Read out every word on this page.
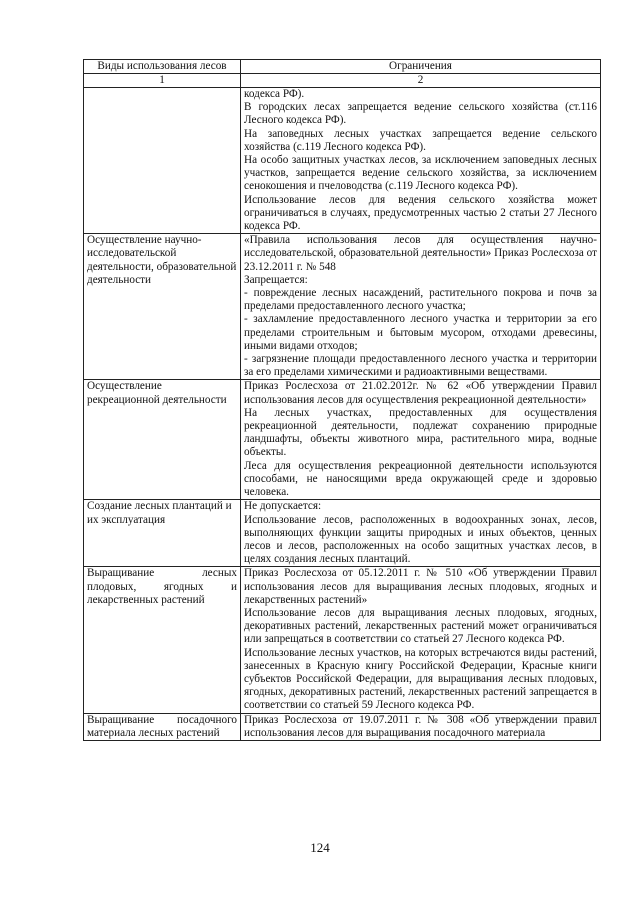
Виды использования лесов	Ограничения
1	2

	кодекса РФ).

В городских лесах запрещается ведение сельского хозяйства (ст.116 Лесного кодекса РФ).

На заповедных лесных участках запрещается ведение сельского хозяйства (с.119 Лесного кодекса РФ).

На особо защитных участках лесов, за исключением заповедных лесных участков, запрещается ведение сельского хозяйства, за исключением сенокошения и пчеловодства (с.119 Лесного кодекса РФ).

Использование лесов для ведения сельского хозяйства может ограничиваться в случаях, предусмотренных частью 2 статьи 27 Лесного кодекса РФ.

Осуществление научно-исследовательской деятельности, образовательной деятельности	«Правила использования лесов для осуществления научно-исследовательской, образовательной деятельности» Приказ Рослесхоза от 23.12.2011 г. № 548

Запрещается:

- повреждение лесных насаждений, растительного покрова и почв за пределами предоставленного лесного участка;

- захламление предоставленного лесного участка и территории за его пределами строительным и бытовым мусором, отходами древесины, иными видами отходов;

- загрязнение площади предоставленного лесного участка и территории за его пределами химическими и радиоактивными веществами.

Осуществление рекреационной деятельности	Приказ Рослесхоза от 21.02.2012г. № 62 «Об утверждении Правил использования лесов для осуществления рекреационной деятельности»

На лесных участках, предоставленных для осуществления рекреационной деятельности, подлежат сохранению природные ландшафты, объекты животного мира, растительного мира, водные объекты.

Леса для осуществления рекреационной деятельности используются способами, не наносящими вреда окружающей среде и здоровью человека.

Создание лесных плантаций и их эксплуатация	Не допускается:

Использование лесов, расположенных в водоохранных зонах, лесов, выполняющих функции защиты природных и иных объектов, ценных лесов и лесов, расположенных на особо защитных участках лесов, в целях создания лесных плантаций.

Выращивание лесных плодовых, ягодных и лекарственных растений	Приказ Рослесхоза от 05.12.2011 г. № 510 «Об утверждении Правил использования лесов для выращивания лесных плодовых, ягодных и лекарственных растений»

Использование лесов для выращивания лесных плодовых, ягодных, декоративных растений, лекарственных растений может ограничиваться или запрещаться в соответствии со статьей 27 Лесного кодекса РФ.

Использование лесных участков, на которых встречаются виды растений, занесенных в Красную книгу Российской Федерации, Красные книги субъектов Российской Федерации, для выращивания лесных плодовых, ягодных, декоративных растений, лекарственных растений запрещается в соответствии со статьей 59 Лесного кодекса РФ.

Выращивание посадочного материала лесных растений	Приказ Рослесхоза от 19.07.2011 г. № 308 «Об утверждении правил использования лесов для выращивания посадочного материала

124
